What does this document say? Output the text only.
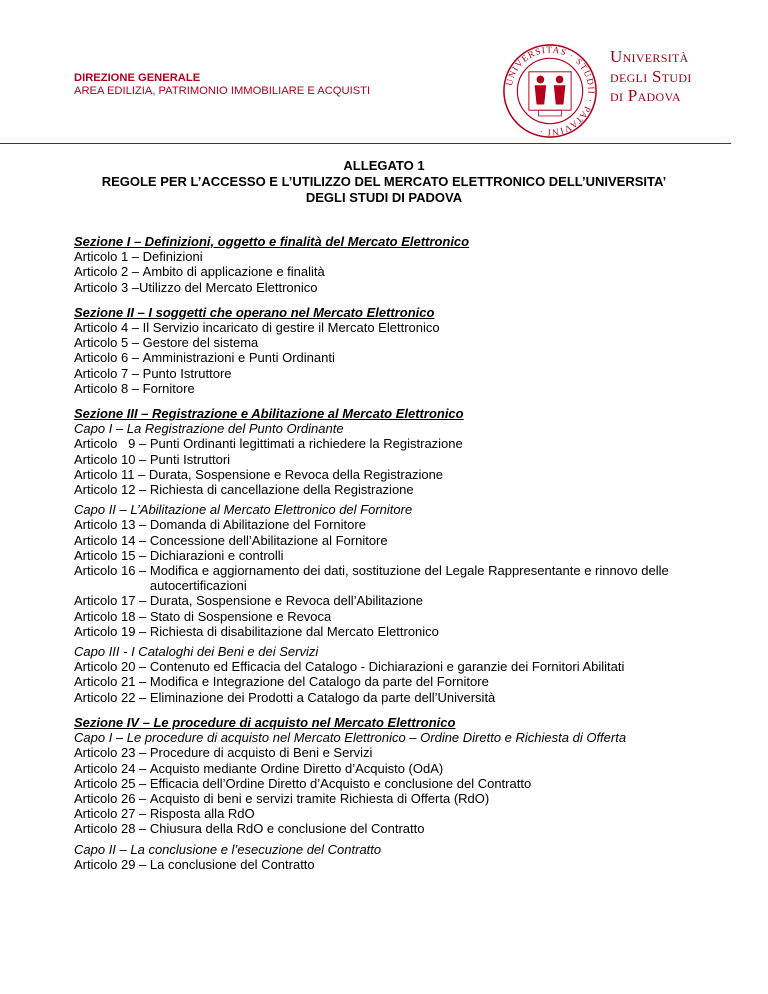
DIREZIONE GENERALE
AREA EDILIZIA, PATRIMONIO IMMOBILIARE E ACQUISTI
UNIVERSITAS · STUDII · PATAVINI ·
Università
degli Studi
di Padova
ALLEGATO 1
REGOLE PER L’ACCESSO E L’UTILIZZO DEL MERCATO ELETTRONICO DELL’UNIVERSITA’
DEGLI STUDI DI PADOVA
Sezione I – Definizioni, oggetto e finalità del Mercato Elettronico
Articolo 1 – Definizioni
Articolo 2 – Ambito di applicazione e finalità
Articolo 3 – Utilizzo del Mercato Elettronico
Sezione II – I soggetti che operano nel Mercato Elettronico
Articolo 4 – Il Servizio incaricato di gestire il Mercato Elettronico
Articolo 5 – Gestore del sistema
Articolo 6 – Amministrazioni e Punti Ordinanti
Articolo 7 – Punto Istruttore
Articolo 8 – Fornitore
Sezione III – Registrazione e Abilitazione al Mercato Elettronico
Capo I – La Registrazione del Punto Ordinante
Articolo   9 – Punti Ordinanti legittimati a richiedere la Registrazione
Articolo 10 – Punti Istruttori
Articolo 11 – Durata, Sospensione e Revoca della Registrazione
Articolo 12 – Richiesta di cancellazione della Registrazione
Capo II – L’Abilitazione al Mercato Elettronico del Fornitore
Articolo 13 – Domanda di Abilitazione del Fornitore
Articolo 14 – Concessione dell’Abilitazione al Fornitore
Articolo 15 – Dichiarazioni e controlli
Articolo 16 – Modifica e aggiornamento dei dati, sostituzione del Legale Rappresentante e rinnovo delle autocertificazioni
Articolo 17 – Durata, Sospensione e Revoca dell’Abilitazione
Articolo 18 – Stato di Sospensione e Revoca
Articolo 19 – Richiesta di disabilitazione dal Mercato Elettronico
Capo III - I Cataloghi dei Beni e dei Servizi
Articolo 20 – Contenuto ed Efficacia del Catalogo - Dichiarazioni e garanzie dei Fornitori Abilitati
Articolo 21 – Modifica e Integrazione del Catalogo da parte del Fornitore
Articolo 22 – Eliminazione dei Prodotti a Catalogo da parte dell’Università
Sezione IV – Le procedure di acquisto nel Mercato Elettronico
Capo I – Le procedure di acquisto nel Mercato Elettronico – Ordine Diretto e Richiesta di Offerta
Articolo 23 – Procedure di acquisto di Beni e Servizi
Articolo 24 – Acquisto mediante Ordine Diretto d’Acquisto (OdA)
Articolo 25 – Efficacia dell’Ordine Diretto d’Acquisto e conclusione del Contratto
Articolo 26 – Acquisto di beni e servizi tramite Richiesta di Offerta (RdO)
Articolo 27 – Risposta alla RdO
Articolo 28 – Chiusura della RdO e conclusione del Contratto
Capo II – La conclusione e l’esecuzione del Contratto
Articolo 29 – La conclusione del Contratto
